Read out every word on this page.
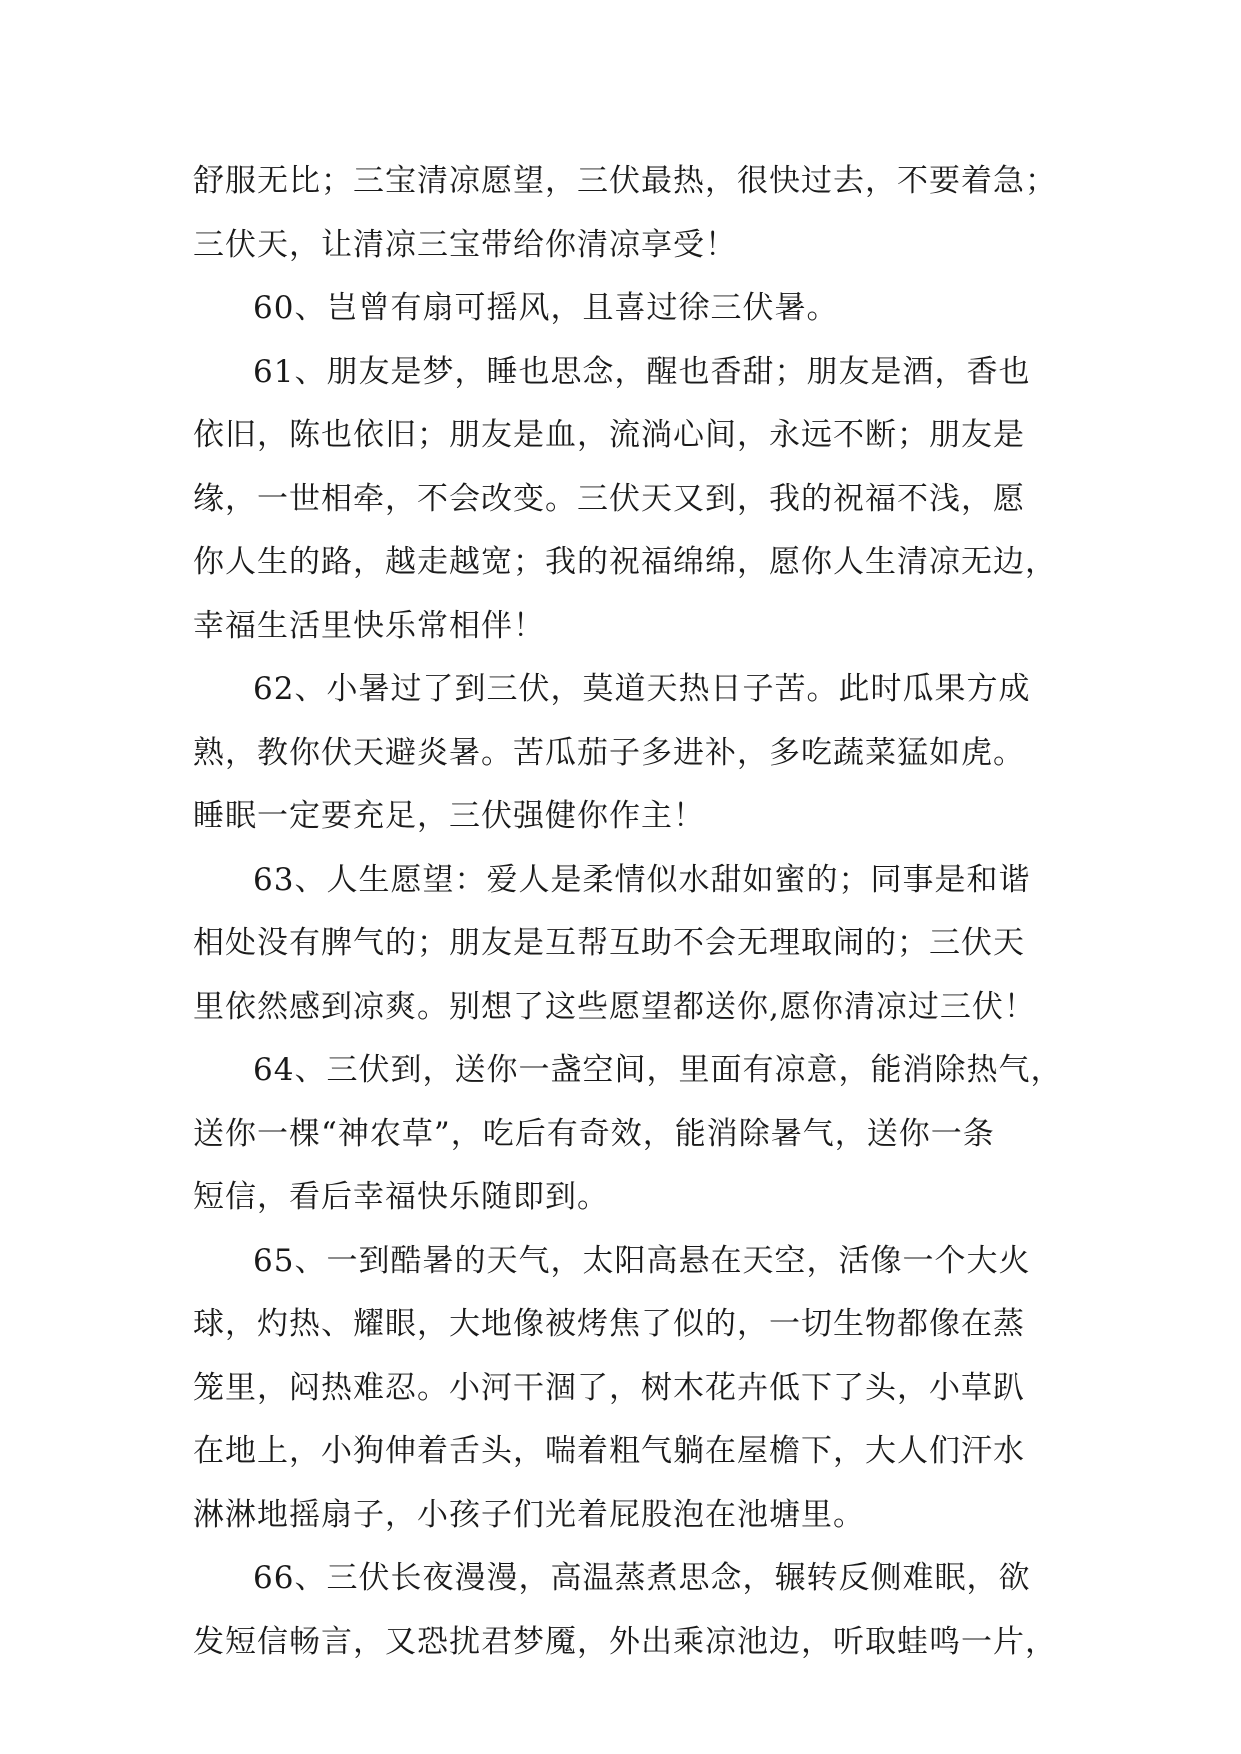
舒服无比；三宝清凉愿望，三伏最热，很快过去，不要着急；
三伏天，让清凉三宝带给你清凉享受！
60、岂曾有扇可摇风，且喜过徐三伏暑。
61、朋友是梦，睡也思念，醒也香甜；朋友是酒，香也
依旧，陈也依旧；朋友是血，流淌心间，永远不断；朋友是
缘，一世相牵，不会改变。三伏天又到，我的祝福不浅，愿
你人生的路，越走越宽；我的祝福绵绵，愿你人生清凉无边，
幸福生活里快乐常相伴！
62、小暑过了到三伏，莫道天热日子苦。此时瓜果方成
熟，教你伏天避炎暑。苦瓜茄子多进补，多吃蔬菜猛如虎。
睡眠一定要充足，三伏强健你作主！
63、人生愿望：爱人是柔情似水甜如蜜的；同事是和谐
相处没有脾气的；朋友是互帮互助不会无理取闹的；三伏天
里依然感到凉爽。别想了这些愿望都送你,愿你清凉过三伏！
64、三伏到，送你一盏空间，里面有凉意，能消除热气，
送你一棵“神农草”，吃后有奇效，能消除暑气，送你一条
短信，看后幸福快乐随即到。
65、一到酷暑的天气，太阳高悬在天空，活像一个大火
球，灼热、耀眼，大地像被烤焦了似的，一切生物都像在蒸
笼里，闷热难忍。小河干涸了，树木花卉低下了头，小草趴
在地上，小狗伸着舌头，喘着粗气躺在屋檐下，大人们汗水
淋淋地摇扇子，小孩子们光着屁股泡在池塘里。
66、三伏长夜漫漫，高温蒸煮思念，辗转反侧难眠，欲
发短信畅言，又恐扰君梦魇，外出乘凉池边，听取蛙鸣一片，
